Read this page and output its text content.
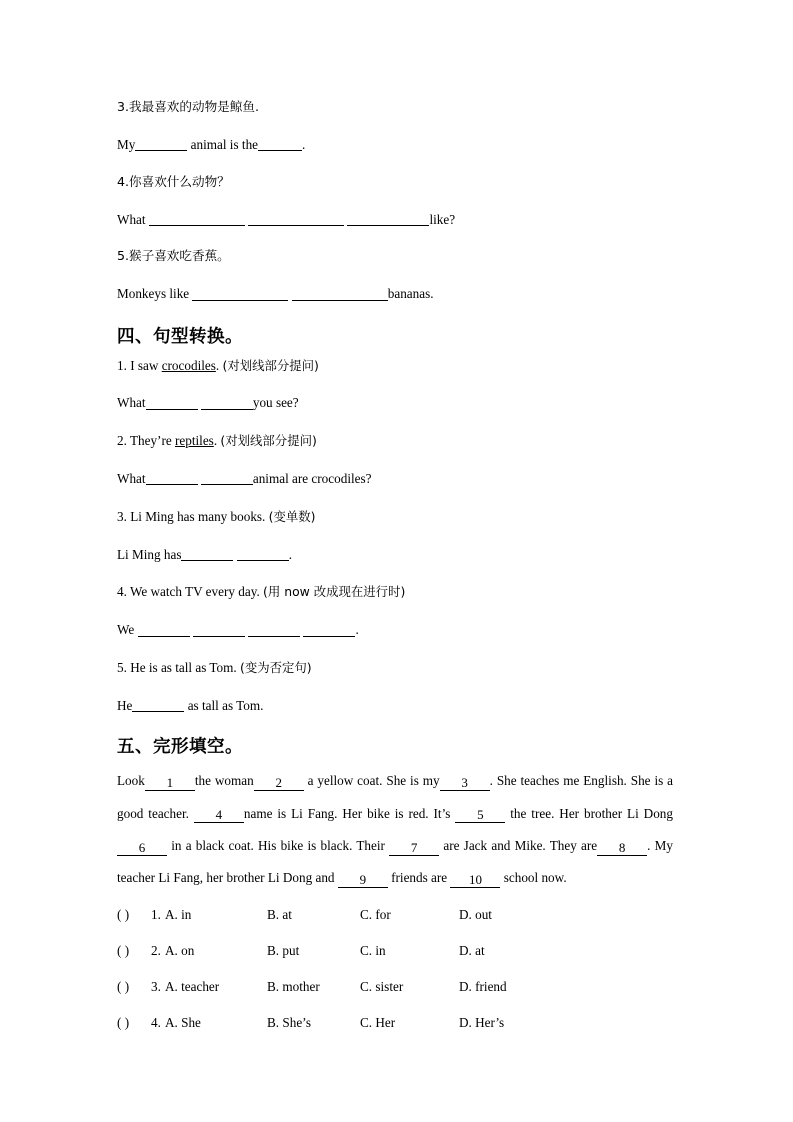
3.我最喜欢的动物是鲸鱼.
My	animal is the	.
4.你喜欢什么动物？
What	like?
5.猴子喜欢吃香蕉。
Monkeys like	bananas.
四、句型转换。
1. I saw crocodiles. (对划线部分提问)
What	you see?
2. They’re reptiles. (对划线部分提问)
What	animal are crocodiles?
3. Li Ming has many books. (变单数)
Li Ming has	.
4. We watch TV every day. (用 now 改成现在进行时)
We	.
5. He is as tall as Tom. (变为否定句)
He	as tall as Tom.
五、完形填空。
Look 1 the woman 2 a yellow coat. She is my 3 . She teaches me English. She is a good teacher. 4 name is Li Fang. Her bike is red. It’s 5 the tree. Her brother Li Dong 6 in a black coat. His bike is black. Their 7 are Jack and Mike. They are 8 . My teacher Li Fang, her brother Li Dong and 9 friends are 10 school now.
( ) 1. A. in	B. at	C. for	D. out
( ) 2. A. on	B. put	C. in	D. at
( ) 3. A. teacher	B. mother	C. sister	D. friend
( ) 4. A. She	B. She’s	C. Her	D. Her’s
